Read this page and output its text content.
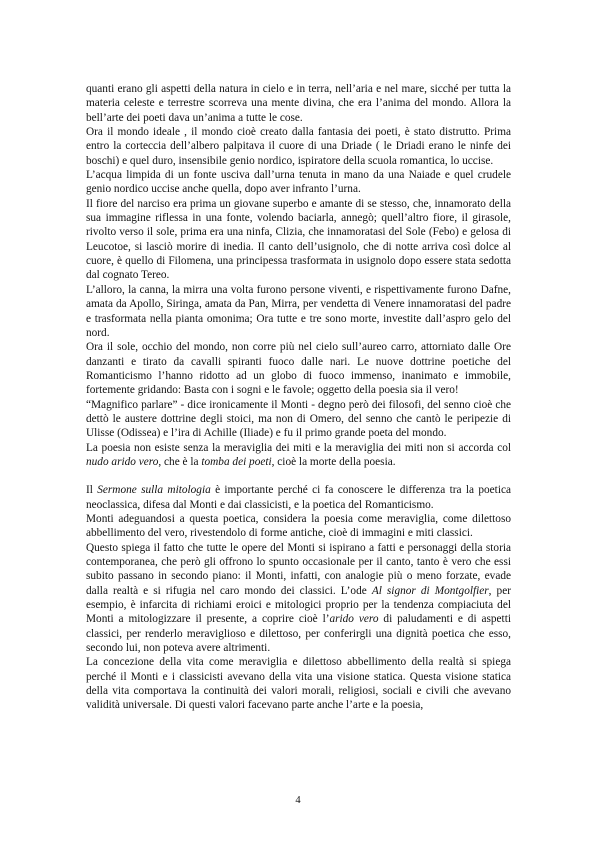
quanti erano gli aspetti della natura in cielo e in terra, nell’aria e nel mare, sicché per tutta la materia celeste e terrestre scorreva una mente divina, che era l’anima del mondo. Allora la bell’arte dei poeti dava un’anima a tutte le cose.

Ora il mondo ideale , il mondo cioè creato dalla fantasia dei poeti, è stato distrutto. Prima entro la corteccia dell’albero palpitava il cuore di una Driade ( le Driadi erano le ninfe dei boschi) e quel duro, insensibile genio nordico, ispiratore della scuola romantica, lo uccise.

L’acqua limpida di un fonte usciva dall’urna tenuta in mano da una Naiade e quel crudele genio nordico uccise anche quella, dopo aver infranto l’urna.

Il fiore del narciso era prima un giovane superbo e amante di se stesso, che, innamorato della sua immagine riflessa in una fonte, volendo baciarla, annegò; quell’altro fiore, il girasole, rivolto verso il sole, prima era una ninfa, Clizia, che innamoratasi del Sole (Febo) e gelosa di Leucotoe, si lasciò morire di inedia. Il canto dell’usignolo, che di notte arriva così dolce al cuore, è quello di Filomena, una principessa trasformata in usignolo dopo essere stata sedotta dal cognato Tereo.

L’alloro, la canna, la mirra una volta furono persone viventi, e rispettivamente furono Dafne, amata da Apollo, Siringa, amata da Pan, Mirra, per vendetta di Venere innamoratasi del padre e trasformata nella pianta omonima; Ora tutte e tre sono morte, investite dall’aspro gelo del nord.

Ora il sole, occhio del mondo, non corre più nel cielo sull’aureo carro, attorniato dalle Ore danzanti e tirato da cavalli spiranti fuoco dalle nari. Le nuove dottrine poetiche del Romanticismo l’hanno ridotto ad un globo di fuoco immenso, inanimato e immobile, fortemente gridando: Basta con i sogni e le favole; oggetto della poesia sia il vero!

“Magnifico parlare” - dice ironicamente il Monti - degno però dei filosofi, del senno cioè che dettò le austere dottrine degli stoici, ma non di Omero, del senno che cantò le peripezie di Ulisse (Odissea) e l’ira di Achille (Iliade) e fu il primo grande poeta del mondo.

La poesia non esiste senza la meraviglia dei miti e la meraviglia dei miti non si accorda col nudo arido vero, che è la tomba dei poeti, cioè la morte della poesia.

Il Sermone sulla mitologia è importante perché ci fa conoscere le differenza tra la poetica neoclassica, difesa dal Monti e dai classicisti, e la poetica del Romanticismo.

Monti adeguandosi a questa poetica, considera la poesia come meraviglia, come dilettoso abbellimento del vero, rivestendolo di forme antiche, cioè di immagini e miti classici.

Questo spiega il fatto che tutte le opere del Monti si ispirano a fatti e personaggi della storia contemporanea, che però gli offrono lo spunto occasionale per il canto, tanto è vero che essi subito passano in secondo piano: il Monti, infatti, con analogie più o meno forzate, evade dalla realtà e si rifugia nel caro mondo dei classici. L’ode Al signor di Montgolfier, per esempio, è infarcita di richiami eroici e mitologici proprio per la tendenza compiaciuta del Monti a mitologizzare il presente, a coprire cioè l’arido vero di paludamenti e di aspetti classici, per renderlo meraviglioso e dilettoso, per conferirgli una dignità poetica che esso, secondo lui, non poteva avere altrimenti.

La concezione della vita come meraviglia e dilettoso abbellimento della realtà si spiega perché il Monti e i classicisti avevano della vita una visione statica. Questa visione statica della vita comportava la continuità dei valori morali, religiosi, sociali e civili che avevano validità universale. Di questi valori facevano parte anche l’arte e la poesia,

4
